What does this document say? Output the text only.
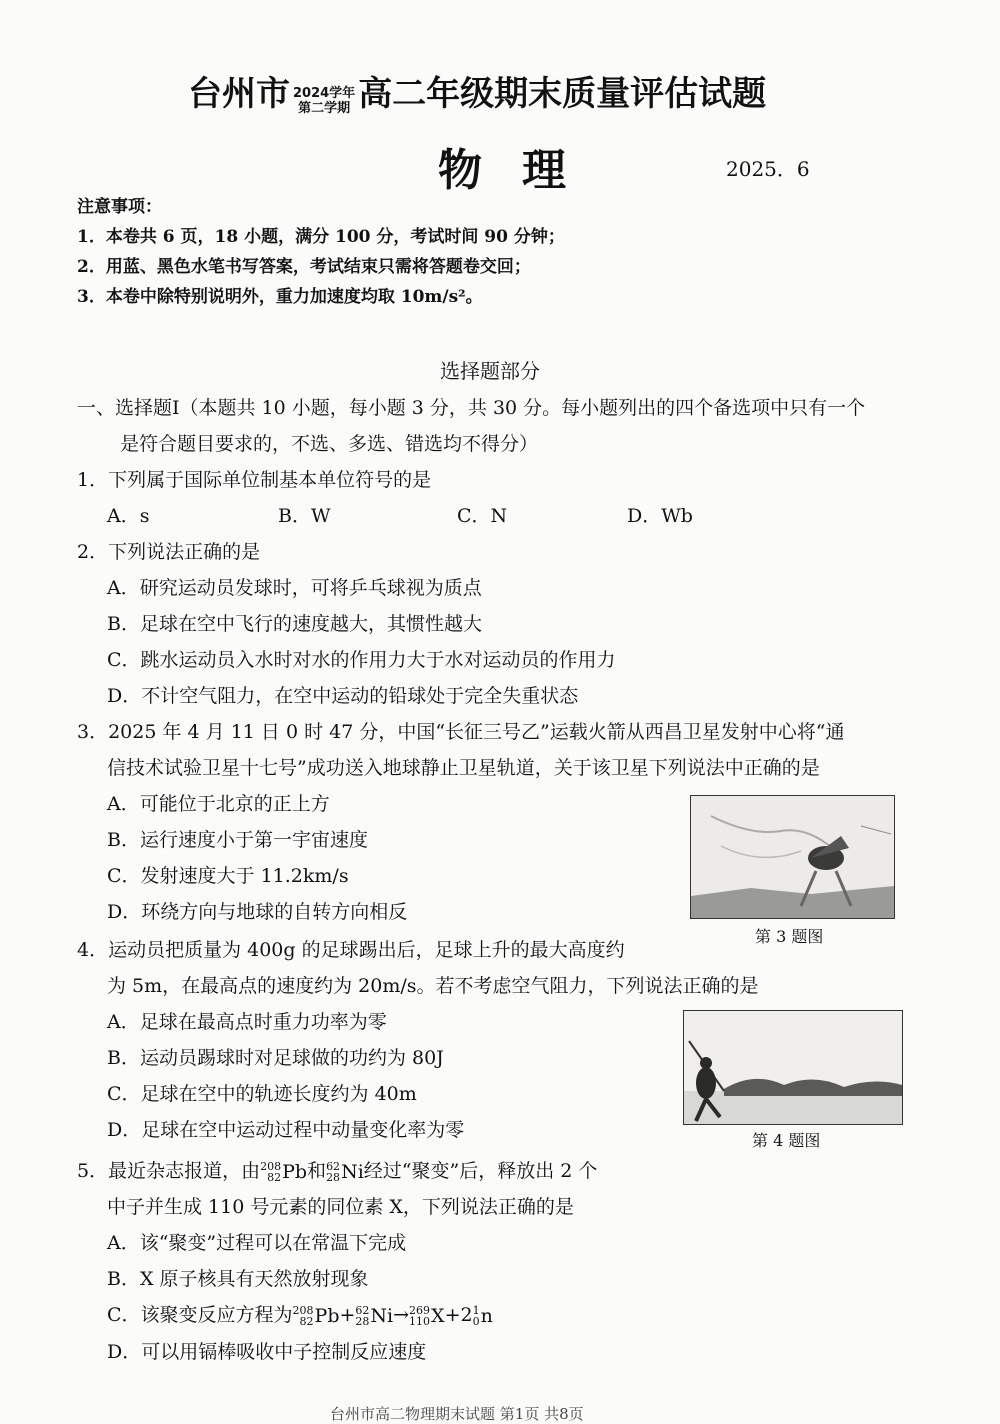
台州市 2024学年
第二学期 高二年级期末质量评估试题
物理	2025．6
注意事项：
1．本卷共 6 页，18 小题，满分 100 分，考试时间 90 分钟；
2．用蓝、黑色水笔书写答案，考试结束只需将答题卷交回；
3．本卷中除特别说明外，重力加速度均取 10m/s²。
选择题部分
一、选择题Ⅰ（本题共 10 小题，每小题 3 分，共 30 分。每小题列出的四个备选项中只有一个
是符合题目要求的，不选、多选、错选均不得分）
1．下列属于国际单位制基本单位符号的是
A．s	B．W	C．N	D．Wb
2．下列说法正确的是
A．研究运动员发球时，可将乒乓球视为质点
B．足球在空中飞行的速度越大，其惯性越大
C．跳水运动员入水时对水的作用力大于水对运动员的作用力
D．不计空气阻力，在空中运动的铅球处于完全失重状态
3．2025 年 4 月 11 日 0 时 47 分，中国“长征三号乙”运载火箭从西昌卫星发射中心将“通
信技术试验卫星十七号”成功送入地球静止卫星轨道，关于该卫星下列说法中正确的是
A．可能位于北京的正上方
B．运行速度小于第一宇宙速度
C．发射速度大于 11.2km/s
D．环绕方向与地球的自转方向相反
第 3 题图
4．运动员把质量为 400g 的足球踢出后，足球上升的最大高度约
为 5m，在最高点的速度约为 20m/s。若不考虑空气阻力，下列说法正确的是
A．足球在最高点时重力功率为零
B．运动员踢球时对足球做的功约为 80J
C．足球在空中的轨迹长度约为 40m
D．足球在空中运动过程中动量变化率为零	第 4 题图
5．最近杂志报道，由 208
82 Pb 和 62
28 Ni 经过“聚变”后，释放出 2 个
中子并生成 110 号元素的同位素 X，下列说法正确的是
A．该“聚变”过程可以在常温下完成
B．X 原子核具有天然放射现象
C．该聚变反应方程为 208
82 Pb + 62
28 Ni → 269
110 X +2 1
0 n
D．可以用镉棒吸收中子控制反应速度
台州市高二物理期末试题 第1页 共8页
